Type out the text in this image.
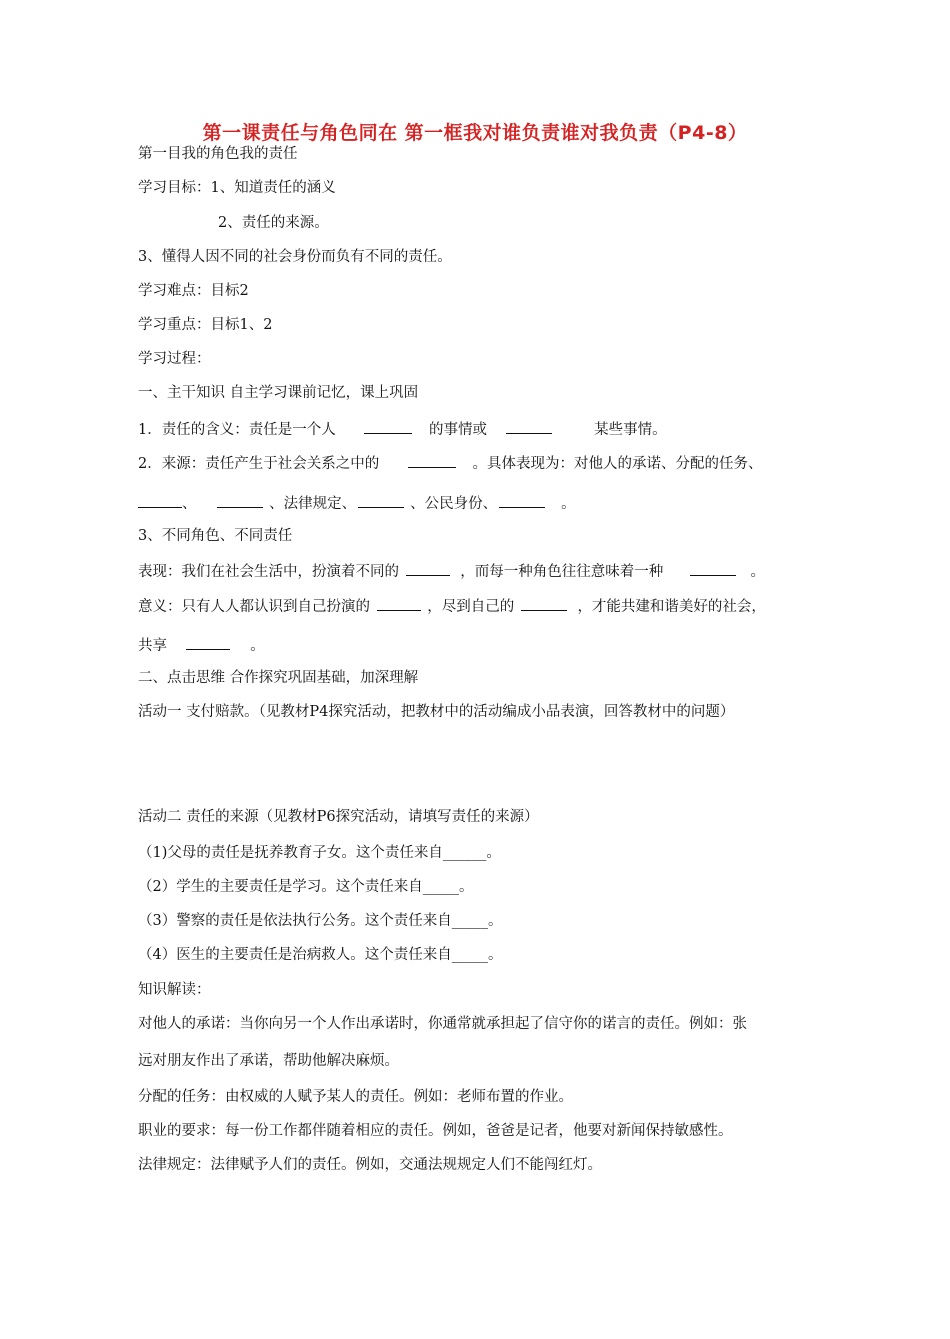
第一课责任与角色同在 第一框我对谁负责谁对我负责（P4-8）
第一目我的角色我的责任
学习目标：1、知道责任的涵义
2、责任的来源。
3、懂得人因不同的社会身份而负有不同的责任。
学习难点：目标2
学习重点：目标1、2
学习过程：
一、主干知识 自主学习课前记忆，课上巩固
1．责任的含义：责任是一个人	的事情或	某些事情。
2．来源：责任产生于社会关系之中的	。具体表现为：对他人的承诺、分配的任务、
、	、法律规定、	、公民身份、	。
3、不同角色、不同责任
表现：我们在社会生活中，扮演着不同的	，而每一种角色往往意味着一种	。
意义：只有人人都认识到自己扮演的	，尽到自己的	，才能共建和谐美好的社会，
共享	。
二、点击思维 合作探究巩固基础，加深理解
活动一 支付赔款。（见教材P4探究活动，把教材中的活动编成小品表演，回答教材中的问题）
活动二 责任的来源（见教材P6探究活动，请填写责任的来源）
（1)父母的责任是抚养教育子女。这个责任来自______。
（2）学生的主要责任是学习。这个责任来自_____。
（3）警察的责任是依法执行公务。这个责任来自_____。
（4）医生的主要责任是治病救人。这个责任来自_____。
知识解读：
对他人的承诺：当你向另一个人作出承诺时，你通常就承担起了信守你的诺言的责任。例如：张
远对朋友作出了承诺，帮助他解决麻烦。
分配的任务：由权威的人赋予某人的责任。例如：老师布置的作业。
职业的要求：每一份工作都伴随着相应的责任。例如，爸爸是记者，他要对新闻保持敏感性。
法律规定：法律赋予人们的责任。例如，交通法规规定人们不能闯红灯。
